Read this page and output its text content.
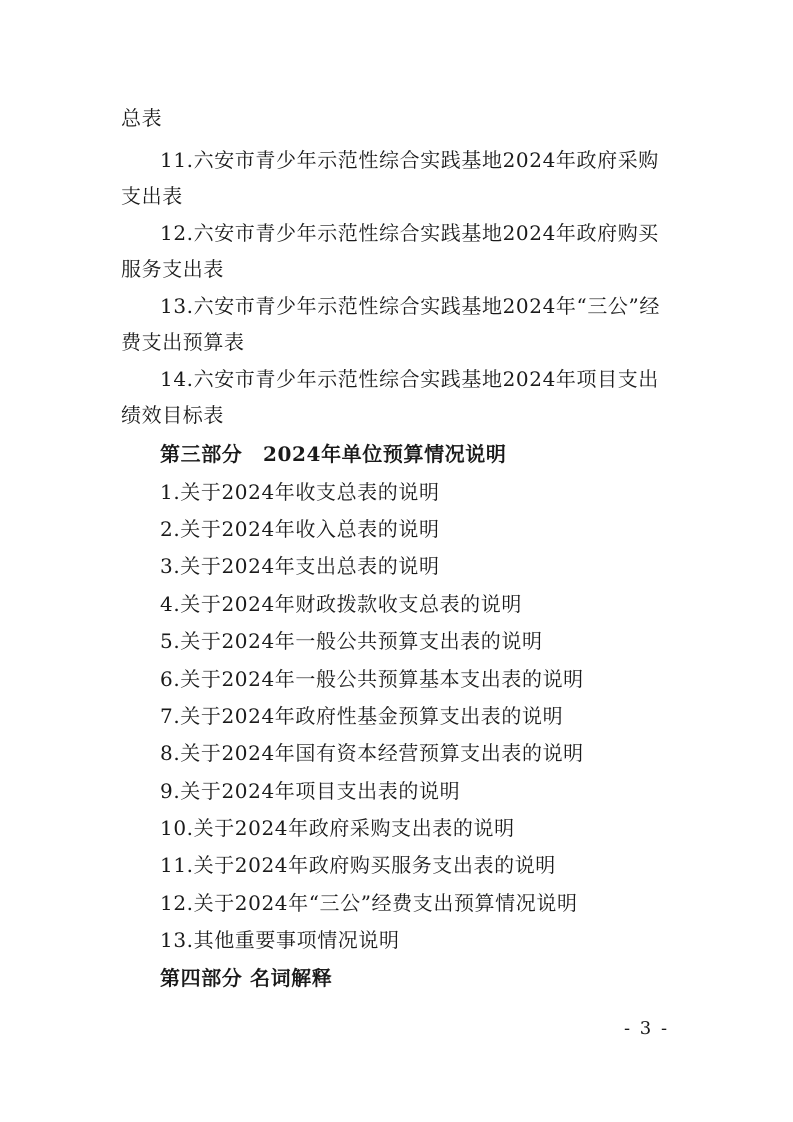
总表
11.六安市青少年示范性综合实践基地2024年政府采购
支出表
12.六安市青少年示范性综合实践基地2024年政府购买
服务支出表
13.六安市青少年示范性综合实践基地2024年“三公”经
费支出预算表
14.六安市青少年示范性综合实践基地2024年项目支出
绩效目标表
第三部分　2024年单位预算情况说明
1.关于2024年收支总表的说明
2.关于2024年收入总表的说明
3.关于2024年支出总表的说明
4.关于2024年财政拨款收支总表的说明
5.关于2024年一般公共预算支出表的说明
6.关于2024年一般公共预算基本支出表的说明
7.关于2024年政府性基金预算支出表的说明
8.关于2024年国有资本经营预算支出表的说明
9.关于2024年项目支出表的说明
10.关于2024年政府采购支出表的说明
11.关于2024年政府购买服务支出表的说明
12.关于2024年“三公”经费支出预算情况说明
13.其他重要事项情况说明
第四部分 名词解释
- 3 -
